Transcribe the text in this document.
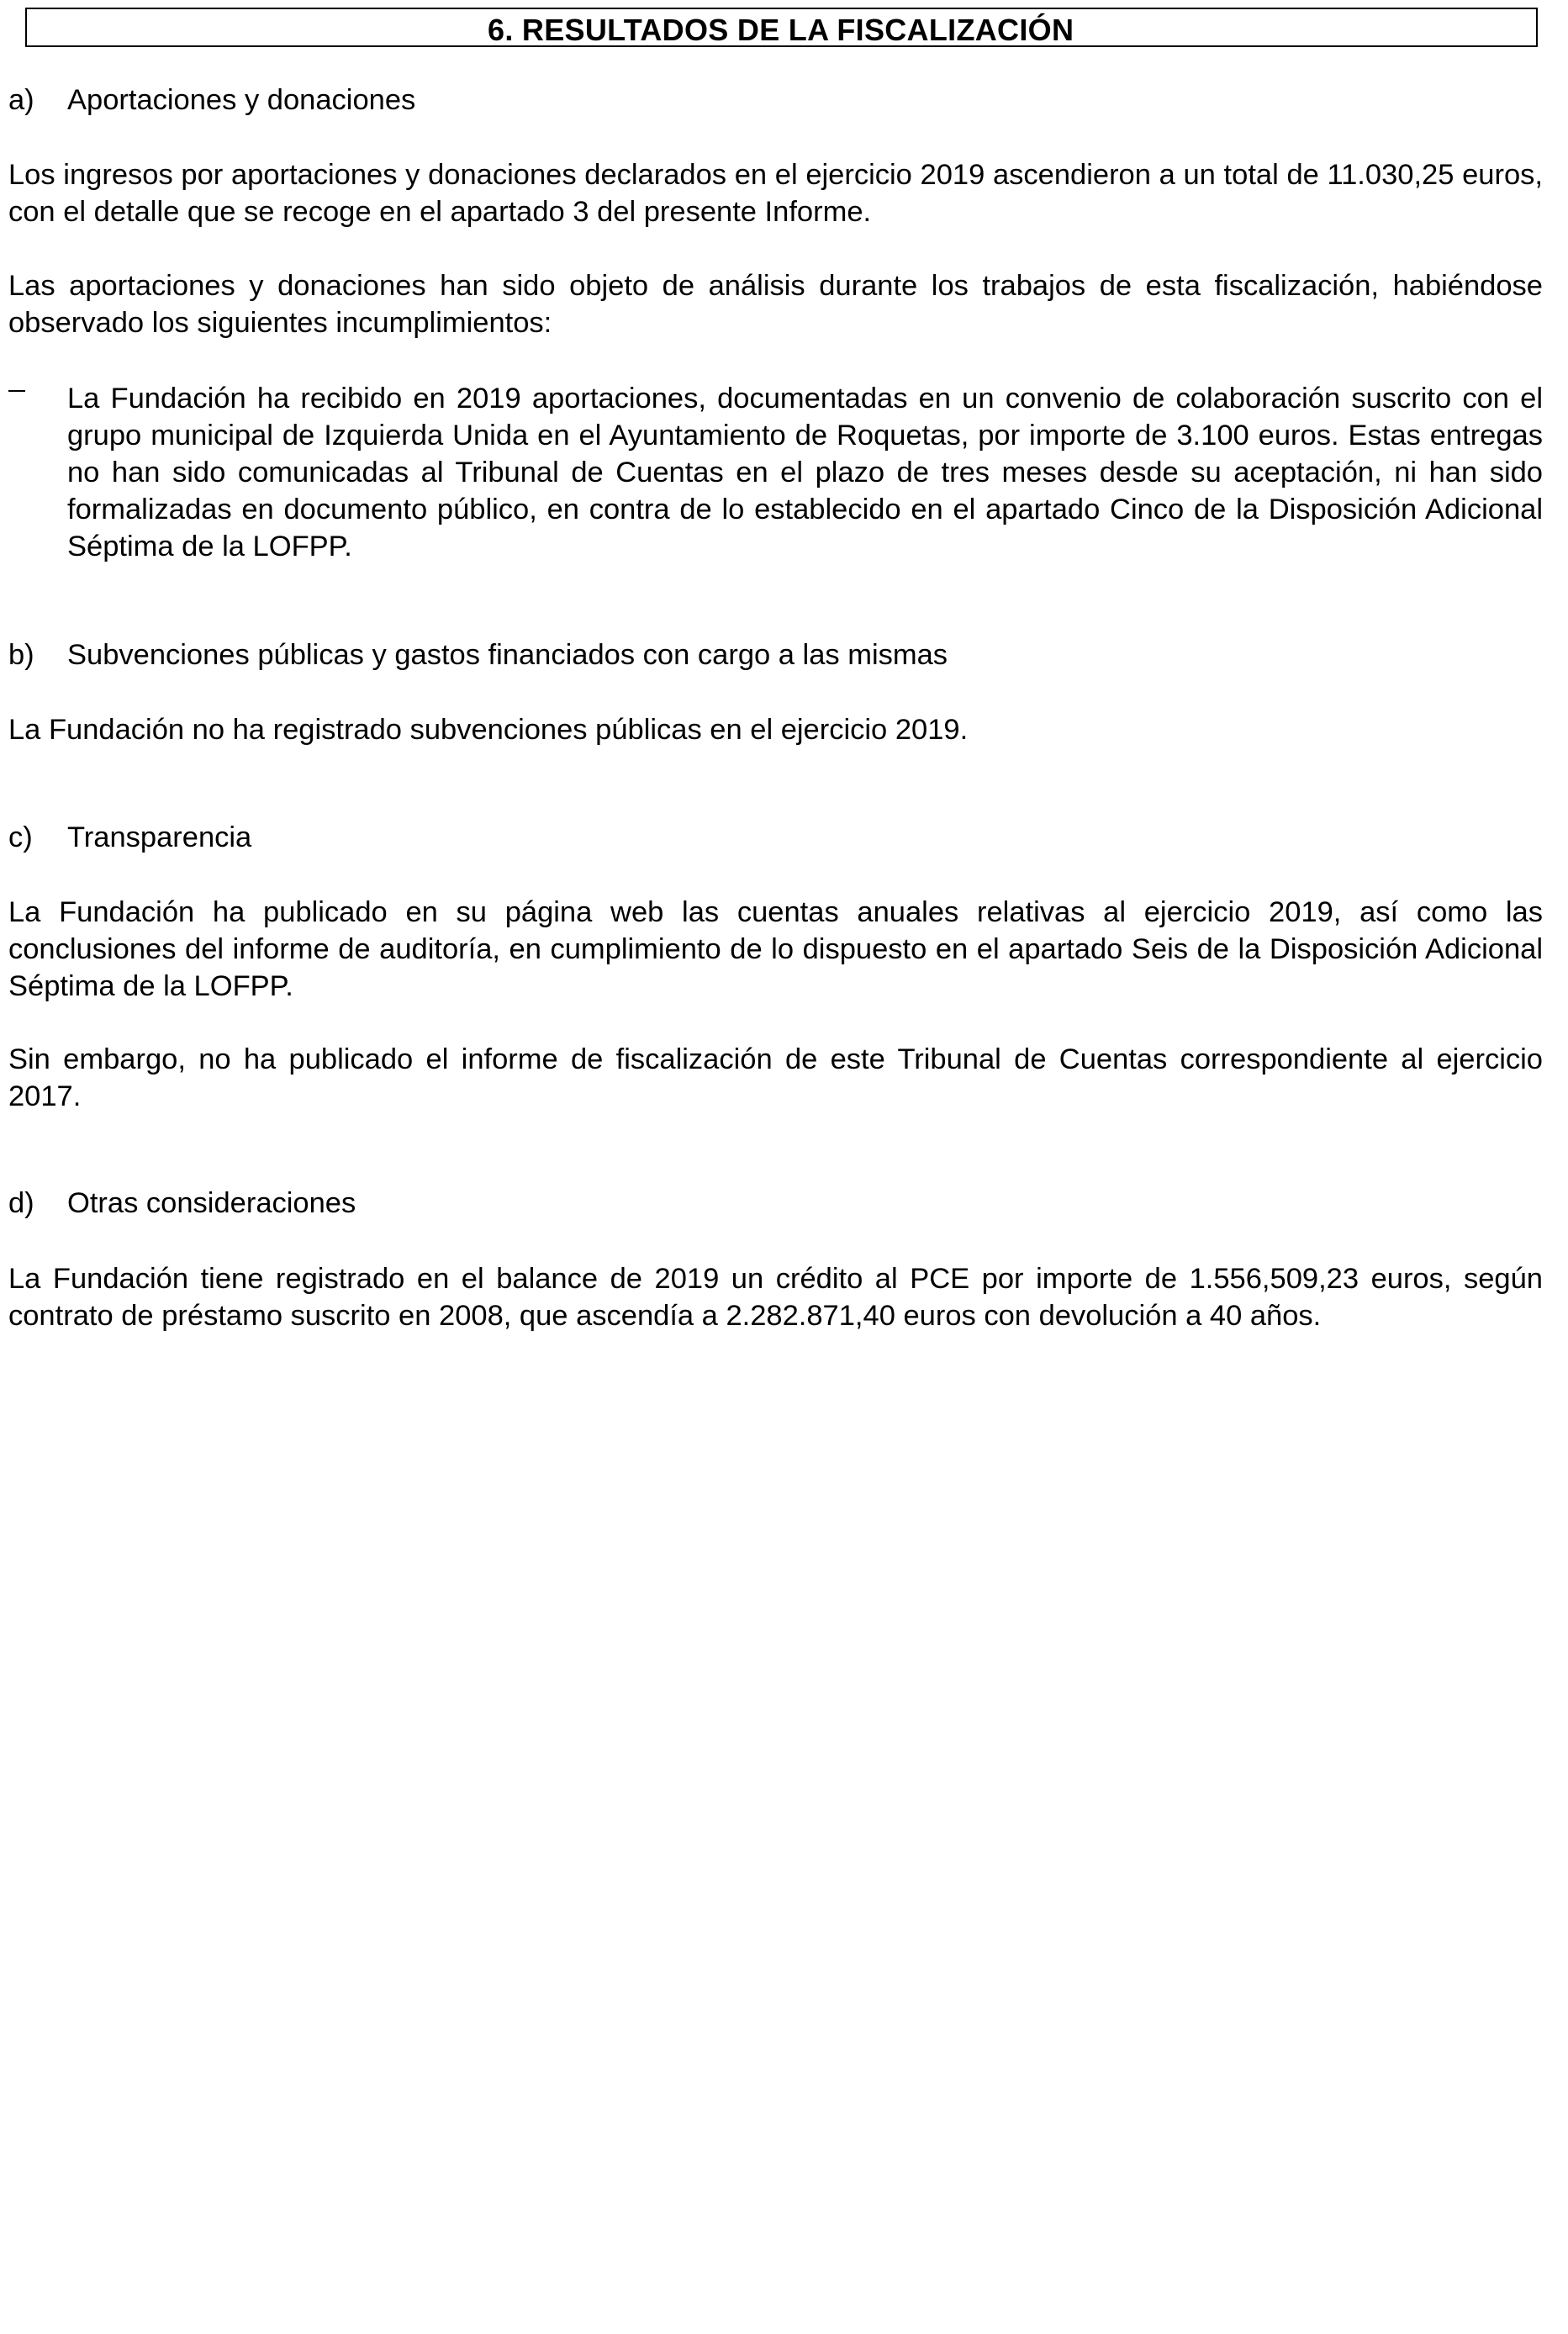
6. RESULTADOS DE LA FISCALIZACIÓN
a) Aportaciones y donaciones

Los ingresos por aportaciones y donaciones declarados en el ejercicio 2019 ascendieron a un total de 11.030,25 euros, con el detalle que se recoge en el apartado 3 del presente Informe.

Las aportaciones y donaciones han sido objeto de análisis durante los trabajos de esta fiscalización, habiéndose observado los siguientes incumplimientos:

La Fundación ha recibido en 2019 aportaciones, documentadas en un convenio de colaboración suscrito con el grupo municipal de Izquierda Unida en el Ayuntamiento de Roquetas, por importe de 3.100 euros. Estas entregas no han sido comunicadas al Tribunal de Cuentas en el plazo de tres meses desde su aceptación, ni han sido formalizadas en documento público, en contra de lo establecido en el apartado Cinco de la Disposición Adicional Séptima de la LOFPP.

b) Subvenciones públicas y gastos financiados con cargo a las mismas

La Fundación no ha registrado subvenciones públicas en el ejercicio 2019.

c) Transparencia

La Fundación ha publicado en su página web las cuentas anuales relativas al ejercicio 2019, así como las conclusiones del informe de auditoría, en cumplimiento de lo dispuesto en el apartado Seis de la Disposición Adicional Séptima de la LOFPP.

Sin embargo, no ha publicado el informe de fiscalización de este Tribunal de Cuentas correspondiente al ejercicio 2017.

d) Otras consideraciones

La Fundación tiene registrado en el balance de 2019 un crédito al PCE por importe de 1.556,509,23 euros, según contrato de préstamo suscrito en 2008, que ascendía a 2.282.871,40 euros con devolución a 40 años.
